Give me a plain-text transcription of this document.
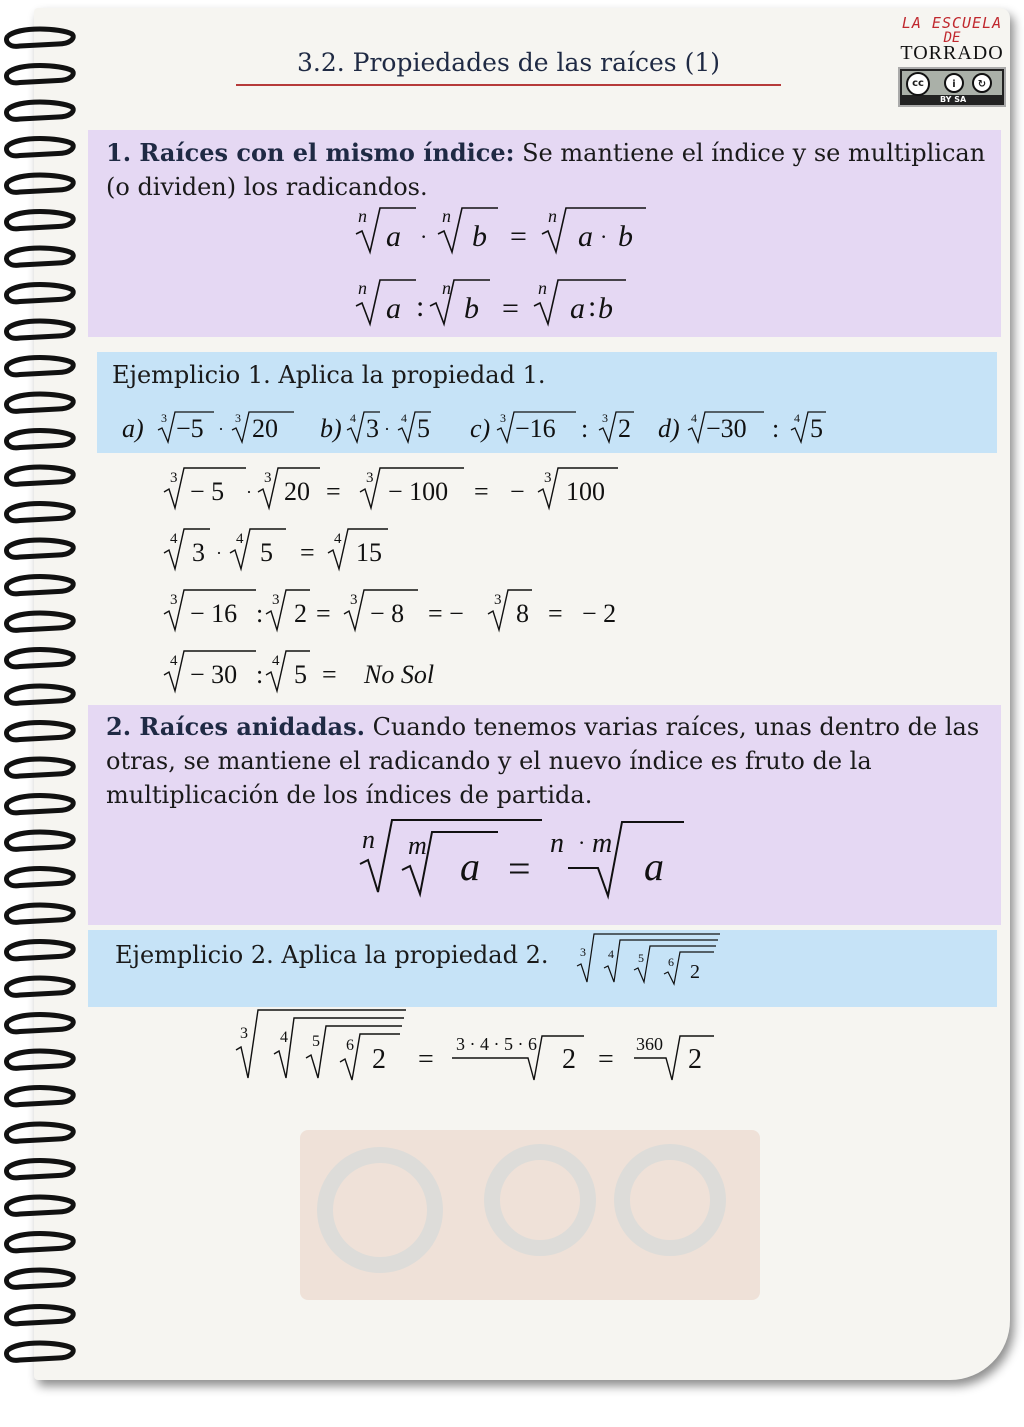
3.2. Propiedades de las raíces (1)
LA ESCUELA
DE
TORRADO
cc	i	↻
BY SA
1. Raíces con el mismo índice: Se mantiene el índice y se multiplican (o dividen) los radicandos.
n
a ·
n
b =
n
a · b
n
a :
n
b =
n
a : b
Ejemplicio 1. Aplica la propiedad 1.
a) 3 −5 ·
3 20 b) 4 3 ·
4 5 c) 3 −16 : 3 2 d) 4 −30 : 4 5
3 − 5 ·
3 20 = 3 − 100 = − 3 100
4 3 ·
4 5 = 4 15
3 − 16 : 3 2 = 3 − 8 = − 3 8 = − 2
4 − 30 : 4 5 = No Sol
2. Raíces anidadas. Cuando tenemos varias raíces, unas dentro de las otras, se mantiene el radicando y el nuevo índice es fruto de la multiplicación de los índices de partida.
n m a =
n · m
a
Ejemplicio 2. Aplica la propiedad 2.	3 4 5 6 2
3 4 5 6 2 = 3 · 4 · 5 · 6 2 = 360 2
